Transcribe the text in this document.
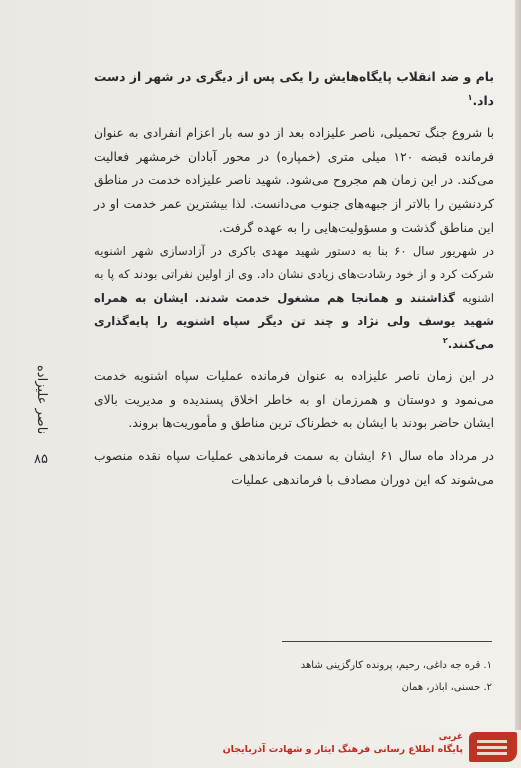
بام و ضد انقلاب پایگاه‌هایش را یکی پس از دیگری در شهر از دست داد.$^۱$

با شروع جنگ تحمیلی، ناصر علیزاده بعد از دو سه بار اعزام انفرادی به عنوان فرمانده قبضه ۱۲۰ میلی متری (خمپاره) در محور آبادان خرمشهر فعالیت می‌کند. در این زمان هم مجروح می‌شود. شهید ناصر علیزاده خدمت در مناطق کردنشین را بالاتر از جبهه‌های جنوب می‌دانست. لذا بیشترین عمر خدمت او در این مناطق گذشت و مسؤولیت‌هایی را به عهده گرفت.

در شهریور سال ۶۰ بنا به دستور شهید مهدی باکری در آزادسازی شهر اشنویه شرکت کرد و از خود رشادت‌های زیادی نشان داد. وی از اولین نفراتی بودند که پا به اشنویه گذاشتند و همانجا هم مشغول خدمت شدند. ایشان به همراه شهید یوسف ولی نژاد و چند تن دیگر سپاه اشنویه را پایه‌گذاری می‌کنند.$^۲$

در این زمان ناصر علیزاده به عنوان فرمانده عملیات سپاه اشنویه خدمت می‌نمود و دوستان و همرزمان او به خاطر اخلاق پسندیده و مدیریت بالای ایشان حاضر بودند با ایشان به خطرناک ترین مناطق و مأموریت‌ها بروند.

در مرداد ماه سال ۶۱ ایشان به سمت فرماندهی عملیات سپاه نقده منصوب می‌شوند که این دوران مصادف با فرماندهی عملیات

۱. قره جه داغی، رحیم، پرونده کارگزینی شاهد

۲. حسنی، اباذر، همان

ناصر علیزاده
۸۵
غربی
پایگاه اطلاع رسانی فرهنگ ایثار و شهادت آذربایجان
